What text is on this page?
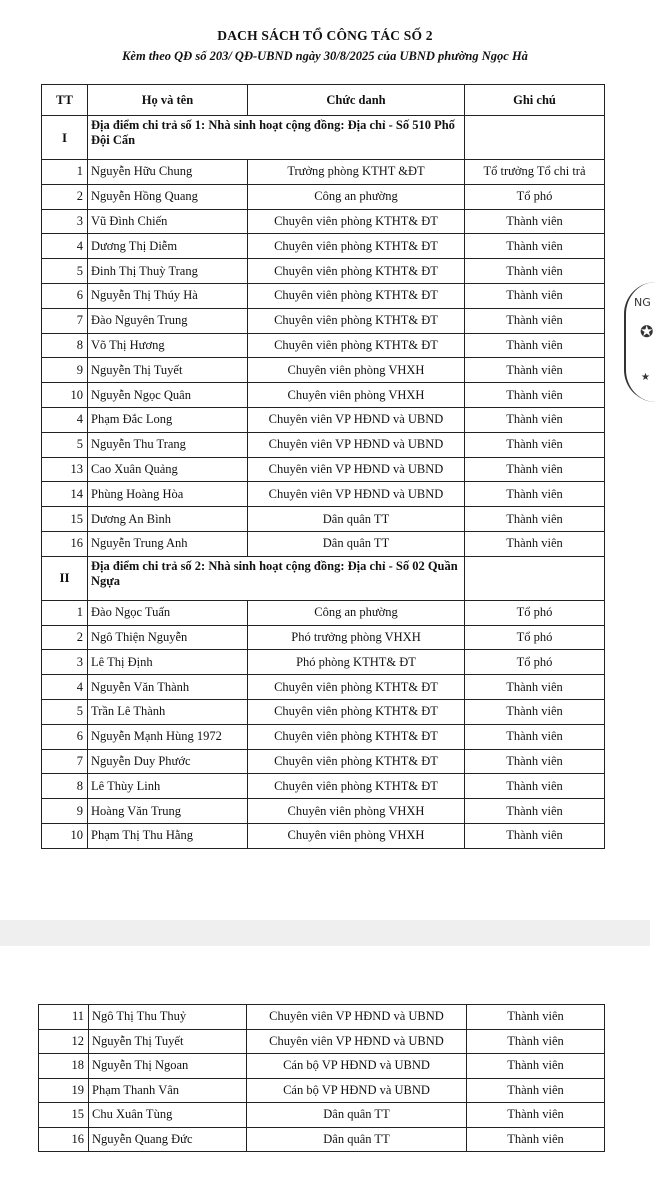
DACH SÁCH TỔ CÔNG TÁC SỐ 2
Kèm theo QĐ số 203/ QĐ-UBND ngày 30/8/2025 của UBND phường Ngọc Hà
TT	Họ và tên	Chức danh	Ghi chú
I	Địa điểm chi trả số 1: Nhà sinh hoạt cộng đồng: Địa chỉ - Số 510 Phố Đội Cấn		
1	Nguyễn Hữu Chung	Trưởng phòng KTHT &ĐT	Tổ trưởng Tổ chi trả
2	Nguyễn Hồng Quang	Công an phường	Tổ phó
3	Vũ Đình Chiến	Chuyên viên phòng KTHT& ĐT	Thành viên
4	Dương Thị Diễm	Chuyên viên phòng KTHT& ĐT	Thành viên
5	Đinh Thị Thuỳ Trang	Chuyên viên phòng KTHT& ĐT	Thành viên
6	Nguyễn Thị Thúy Hà	Chuyên viên phòng KTHT& ĐT	Thành viên
7	Đào Nguyên Trung	Chuyên viên phòng KTHT& ĐT	Thành viên
8	Võ Thị Hương	Chuyên viên phòng KTHT& ĐT	Thành viên
9	Nguyễn Thị Tuyết	Chuyên viên phòng VHXH	Thành viên
10	Nguyễn Ngọc Quân	Chuyên viên phòng VHXH	Thành viên
4	Phạm Đắc Long	Chuyên viên VP HĐND và UBND	Thành viên
5	Nguyễn Thu Trang	Chuyên viên VP HĐND và UBND	Thành viên
13	Cao Xuân Quảng	Chuyên viên VP HĐND và UBND	Thành viên
14	Phùng Hoàng Hòa	Chuyên viên VP HĐND và UBND	Thành viên
15	Dương An Bình	Dân quân TT	Thành viên
16	Nguyễn Trung Anh	Dân quân TT	Thành viên
II	Địa điểm chi trả số 2: Nhà sinh hoạt cộng đồng: Địa chỉ - Số 02 Quần Ngựa		
1	Đào Ngọc Tuấn	Công an phường	Tổ phó
2	Ngô Thiện Nguyễn	Phó trưởng phòng VHXH	Tổ phó
3	Lê Thị Định	Phó phòng KTHT& ĐT	Tổ phó
4	Nguyễn Văn Thành	Chuyên viên phòng KTHT& ĐT	Thành viên
5	Trần Lê Thành	Chuyên viên phòng KTHT& ĐT	Thành viên
6	Nguyễn Mạnh Hùng 1972	Chuyên viên phòng KTHT& ĐT	Thành viên
7	Nguyễn Duy Phước	Chuyên viên phòng KTHT& ĐT	Thành viên
8	Lê Thùy Linh	Chuyên viên phòng KTHT& ĐT	Thành viên
9	Hoàng Văn Trung	Chuyên viên phòng VHXH	Thành viên
10	Phạm Thị Thu Hằng	Chuyên viên phòng VHXH	Thành viên
NG
✪
★
11	Ngô Thị Thu Thuỷ	Chuyên viên VP HĐND và UBND	Thành viên
12	Nguyễn Thị Tuyết	Chuyên viên VP HĐND và UBND	Thành viên
18	Nguyễn Thị Ngoan	Cán bộ VP HĐND và UBND	Thành viên
19	Phạm Thanh Vân	Cán bộ VP HĐND và UBND	Thành viên
15	Chu Xuân Tùng	Dân quân TT	Thành viên
16	Nguyễn Quang Đức	Dân quân TT	Thành viên
